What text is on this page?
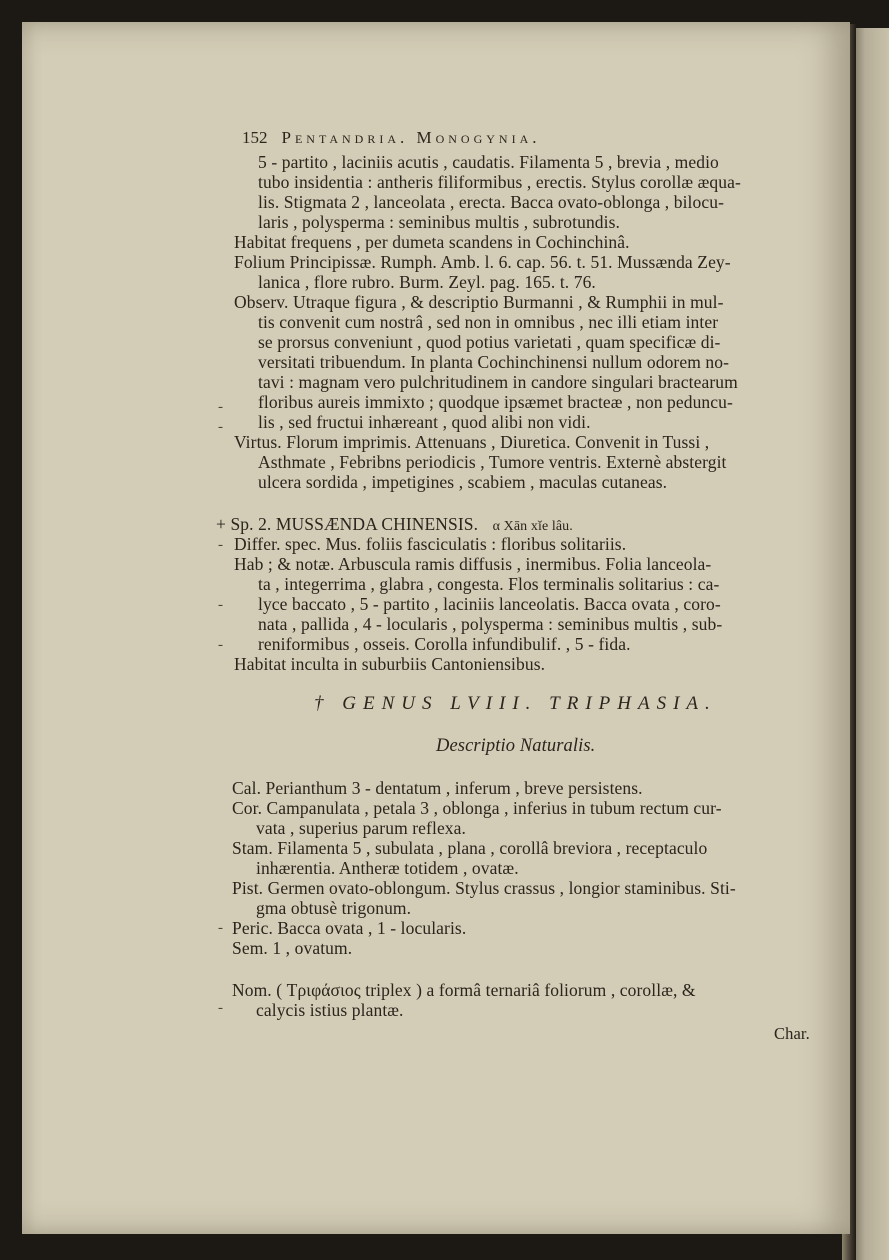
152 Pentandria. Monogynia.
5 - partito , laciniis acutis , caudatis. Filamenta 5 , brevia , medio
tubo insidentia : antheris filiformibus , erectis. Stylus corollæ æqua-
lis. Stigmata 2 , lanceolata , erecta. Bacca ovato-oblonga , bilocu-
laris , polysperma : seminibus multis , subrotundis.
Habitat frequens , per dumeta scandens in Cochinchinâ.
Folium Principissæ. Rumph. Amb. l. 6. cap. 56. t. 51. Mussænda Zey-
lanica , flore rubro. Burm. Zeyl. pag. 165. t. 76.
Observ. Utraque figura , & descriptio Burmanni , & Rumphii in mul-
tis convenit cum nostrâ , sed non in omnibus , nec illi etiam inter
se prorsus conveniunt , quod potius varietati , quam specificæ di-
versitati tribuendum. In planta Cochinchinensi nullum odorem no-
tavi : magnam vero pulchritudinem in candore singulari bractearum
floribus aureis immixto ; quodque ipsæmet bracteæ , non peduncu-
lis , sed fructui inhæreant , quod alibi non vidi.
Virtus. Florum imprimis. Attenuans , Diuretica. Convenit in Tussi ,
Asthmate , Febribns periodicis , Tumore ventris. Externè abstergit
ulcera sordida , impetigines , scabiem , maculas cutaneas.
+ Sp. 2. MUSSÆNDA CHINENSIS. α Xān xǐe lâu.
Differ. spec. Mus. foliis fasciculatis : floribus solitariis.
Hab ; & notæ. Arbuscula ramis diffusis , inermibus. Folia lanceola-
ta , integerrima , glabra , congesta. Flos terminalis solitarius : ca-
lyce baccato , 5 - partito , laciniis lanceolatis. Bacca ovata , coro-
nata , pallida , 4 - locularis , polysperma : seminibus multis , sub-
reniformibus , osseis. Corolla infundibulif. , 5 - fida.
Habitat inculta in suburbiis Cantoniensibus.
† GENUS LVIII. TRIPHASIA.
Descriptio Naturalis.
Cal. Perianthum 3 - dentatum , inferum , breve persistens.
Cor. Campanulata , petala 3 , oblonga , inferius in tubum rectum cur-
vata , superius parum reflexa.
Stam. Filamenta 5 , subulata , plana , corollâ breviora , receptaculo
inhærentia. Antheræ totidem , ovatæ.
Pist. Germen ovato-oblongum. Stylus crassus , longior staminibus. Sti-
gma obtusè trigonum.
Peric. Bacca ovata , 1 - locularis.
Sem. 1 , ovatum.
Nom. ( Τριφάσιος triplex ) a formâ ternariâ foliorum , corollæ, &
calycis istius plantæ.
Char.
-
-
-
-
-
-
-
